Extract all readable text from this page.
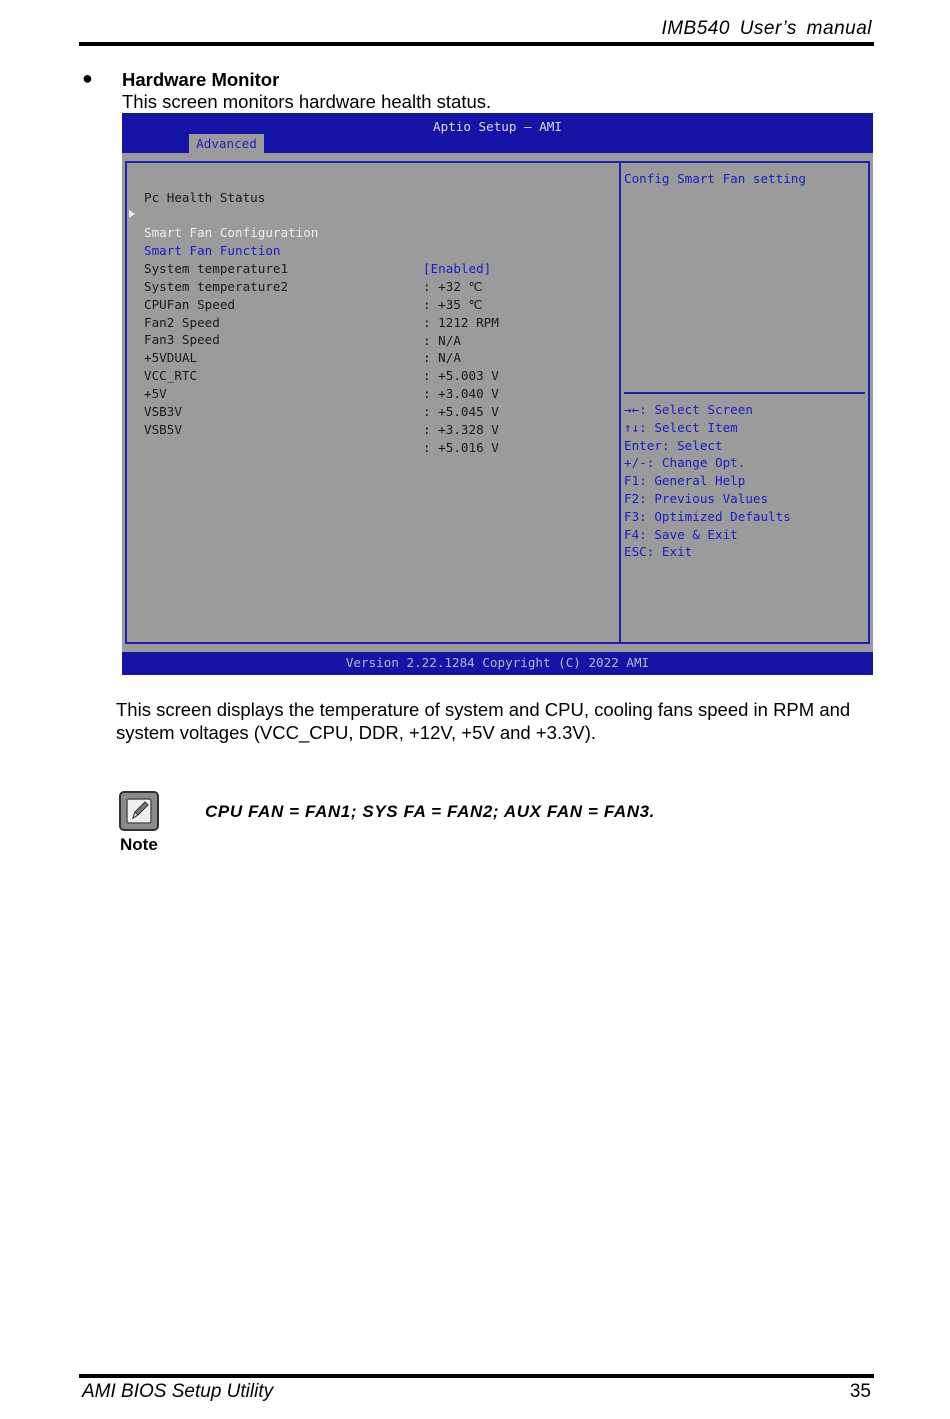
IMB540 User’s manual
● Hardware Monitor
This screen monitors hardware health status.
Aptio Setup – AMI
Advanced

Pc Health Status

Smart Fan Configuration

Smart Fan Function

[Enabled]

System temperature1

: +32 ℃

System temperature2

: +35 ℃

CPUFan Speed

: 1212 RPM

Fan2 Speed

: N/A

Fan3 Speed

: N/A

+5VDUAL

: +5.003 V

VCC_RTC

: +3.040 V

+5V

: +5.045 V

VSB3V

: +3.328 V

VSB5V

: +5.016 V

Config Smart Fan setting
→←: Select Screen
↑↓: Select Item
Enter: Select
+/-: Change Opt.
F1: General Help
F2: Previous Values
F3: Optimized Defaults
F4: Save & Exit
ESC: Exit
Version 2.22.1284 Copyright (C) 2022 AMI
This screen displays the temperature of system and CPU, cooling fans speed in RPM and system voltages (VCC_CPU, DDR, +12V, +5V and +3.3V).
Note
CPU FAN = FAN1; SYS FA = FAN2; AUX FAN = FAN3.
AMI BIOS Setup Utility	35
